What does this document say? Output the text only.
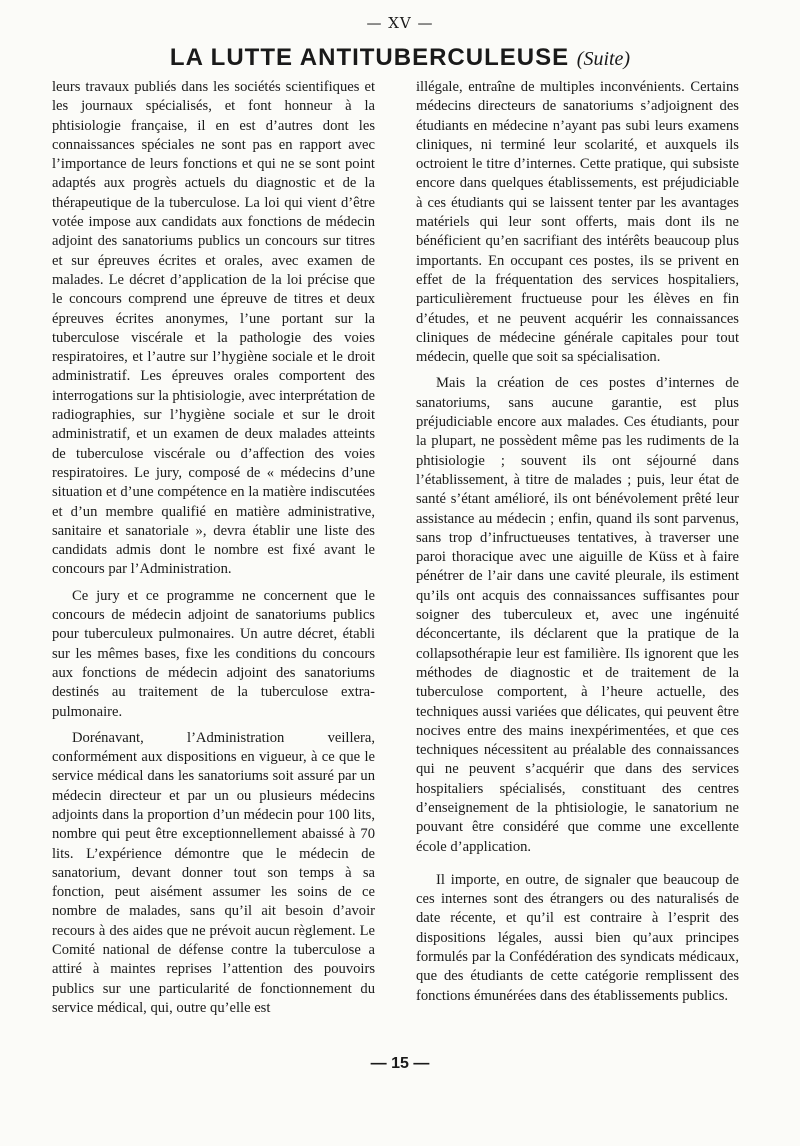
— XV —
LA LUTTE ANTITUBERCULEUSE (Suite)

leurs travaux publiés dans les sociétés scientifiques et les journaux spécialisés, et font honneur à la phtisiologie française, il en est d’autres dont les connaissances spéciales ne sont pas en rapport avec l’importance de leurs fonctions et qui ne se sont point adaptés aux progrès actuels du diagnostic et de la thérapeutique de la tuberculose. La loi qui vient d’être votée impose aux candidats aux fonctions de médecin adjoint des sanatoriums publics un concours sur titres et sur épreuves écrites et orales, avec examen de malades. Le décret d’application de la loi précise que le concours comprend une épreuve de titres et deux épreuves écrites anonymes, l’une portant sur la tuberculose viscérale et la pathologie des voies respiratoires, et l’autre sur l’hygiène sociale et le droit administratif. Les épreuves orales comportent des interrogations sur la phtisiologie, avec interprétation de radiographies, sur l’hygiène sociale et sur le droit administratif, et un examen de deux malades atteints de tuberculose viscérale ou d’affection des voies respiratoires. Le jury, composé de « médecins d’une situation et d’une compétence en la matière indiscutées et d’un membre qualifié en matière administrative, sanitaire et sanatoriale », devra établir une liste des candidats admis dont le nombre est fixé avant le concours par l’Administration.

Ce jury et ce programme ne concernent que le concours de médecin adjoint de sanatoriums publics pour tuberculeux pulmonaires. Un autre décret, établi sur les mêmes bases, fixe les conditions du concours aux fonctions de médecin adjoint des sanatoriums destinés au traitement de la tuberculose extra-pulmonaire.

Dorénavant, l’Administration veillera, conformément aux dispositions en vigueur, à ce que le service médical dans les sanatoriums soit assuré par un médecin directeur et par un ou plusieurs médecins adjoints dans la proportion d’un médecin pour 100 lits, nombre qui peut être exceptionnellement abaissé à 70 lits. L’expérience démontre que le médecin de sanatorium, devant donner tout son temps à sa fonction, peut aisément assumer les soins de ce nombre de malades, sans qu’il ait besoin d’avoir recours à des aides que ne prévoit aucun règlement. Le Comité national de défense contre la tuberculose a attiré à maintes reprises l’attention des pouvoirs publics sur une particularité de fonctionnement du service médical, qui, outre qu’elle est

illégale, entraîne de multiples inconvénients. Certains médecins directeurs de sanatoriums s’adjoignent des étudiants en médecine n’ayant pas subi leurs examens cliniques, ni terminé leur scolarité, et auxquels ils octroient le titre d’internes. Cette pratique, qui subsiste encore dans quelques établissements, est préjudiciable à ces étudiants qui se laissent tenter par les avantages matériels qui leur sont offerts, mais dont ils ne bénéficient qu’en sacrifiant des intérêts beaucoup plus importants. En occupant ces postes, ils se privent en effet de la fréquentation des services hospitaliers, particulièrement fructueuse pour les élèves en fin d’études, et ne peuvent acquérir les connaissances cliniques de médecine générale capitales pour tout médecin, quelle que soit sa spécialisation.

Mais la création de ces postes d’internes de sanatoriums, sans aucune garantie, est plus préjudiciable encore aux malades. Ces étudiants, pour la plupart, ne possèdent même pas les rudiments de la phtisiologie ; souvent ils ont séjourné dans l’établissement, à titre de malades ; puis, leur état de santé s’étant amélioré, ils ont bénévolement prêté leur assistance au médecin ; enfin, quand ils sont parvenus, sans trop d’infructueuses tentatives, à traverser une paroi thoracique avec une aiguille de Küss et à faire pénétrer de l’air dans une cavité pleurale, ils estiment qu’ils ont acquis des connaissances suffisantes pour soigner des tuberculeux et, avec une ingénuité déconcertante, ils déclarent que la pratique de la collapsothérapie leur est familière. Ils ignorent que les méthodes de diagnostic et de traitement de la tuberculose comportent, à l’heure actuelle, des techniques aussi variées que délicates, qui peuvent être nocives entre des mains inexpérimentées, et que ces techniques nécessitent au préalable des connaissances qui ne peuvent s’acquérir que dans des services hospitaliers spécialisés, constituant des centres d’enseignement de la phtisiologie, le sanatorium ne pouvant être considéré que comme une excellente école d’application.

Il importe, en outre, de signaler que beaucoup de ces internes sont des étrangers ou des naturalisés de date récente, et qu’il est contraire à l’esprit des dispositions légales, aussi bien qu’aux principes formulés par la Confédération des syndicats médicaux, que des étudiants de cette catégorie remplissent des fonctions émunérées dans des établissements publics.

— 15 —
